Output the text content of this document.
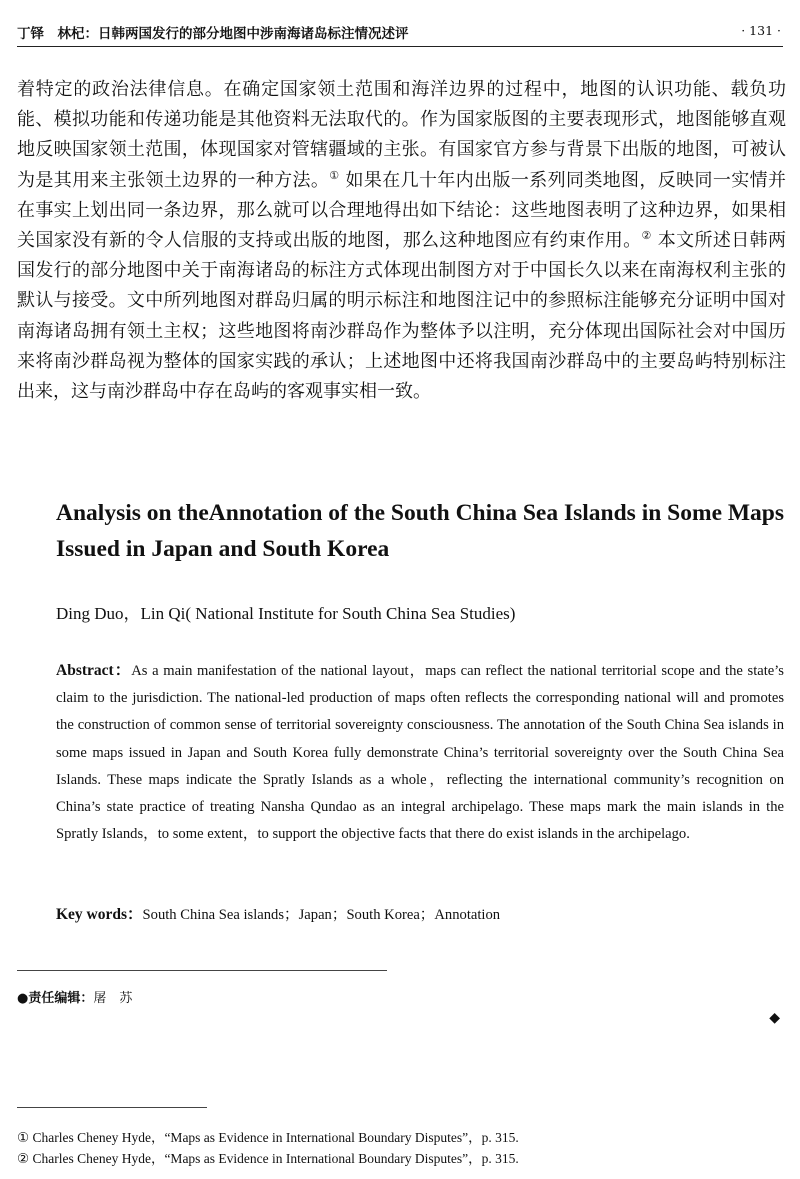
丁铎　林杞：日韩两国发行的部分地图中涉南海诸岛标注情况述评	· 131 ·

着特定的政治法律信息。在确定国家领土范围和海洋边界的过程中，地图的认识功能、载负功能、模拟功能和传递功能是其他资料无法取代的。作为国家版图的主要表现形式，地图能够直观地反映国家领土范围，体现国家对管辖疆域的主张。有国家官方参与背景下出版的地图，可被认为是其用来主张领土边界的一种方法。① 如果在几十年内出版一系列同类地图，反映同一实情并在事实上划出同一条边界，那么就可以合理地得出如下结论：这些地图表明了这种边界，如果相关国家没有新的令人信服的支持或出版的地图，那么这种地图应有约束作用。② 本文所述日韩两国发行的部分地图中关于南海诸岛的标注方式体现出制图方对于中国长久以来在南海权利主张的默认与接受。文中所列地图对群岛归属的明示标注和地图注记中的参照标注能够充分证明中国对南海诸岛拥有领土主权；这些地图将南沙群岛作为整体予以注明，充分体现出国际社会对中国历来将南沙群岛视为整体的国家实践的承认；上述地图中还将我国南沙群岛中的主要岛屿特别标注出来，这与南沙群岛中存在岛屿的客观事实相一致。

Analysis on theAnnotation of the South China Sea Islands in Some Maps Issued in Japan and South Korea

Ding Duo，Lin Qi( National Institute for South China Sea Studies)

Abstract：As a main manifestation of the national layout，maps can reflect the national territorial scope and the state’s claim to the jurisdiction. The national-led production of maps often reflects the corresponding national will and promotes the construction of common sense of territorial sovereignty consciousness. The annotation of the South China Sea islands in some maps issued in Japan and South Korea fully demonstrate China’s territorial sovereignty over the South China Sea Islands. These maps indicate the Spratly Islands as a whole，reflecting the international community’s recognition on China’s state practice of treating Nansha Qundao as an integral archipelago. These maps mark the main islands in the Spratly Islands，to some extent，to support the objective facts that there do exist islands in the archipelago.

Key words：South China Sea islands；Japan；South Korea；Annotation

●责任编辑：屠　苏
◆

① Charles Cheney Hyde，“Maps as Evidence in International Boundary Disputes”，p. 315.

② Charles Cheney Hyde，“Maps as Evidence in International Boundary Disputes”，p. 315.
